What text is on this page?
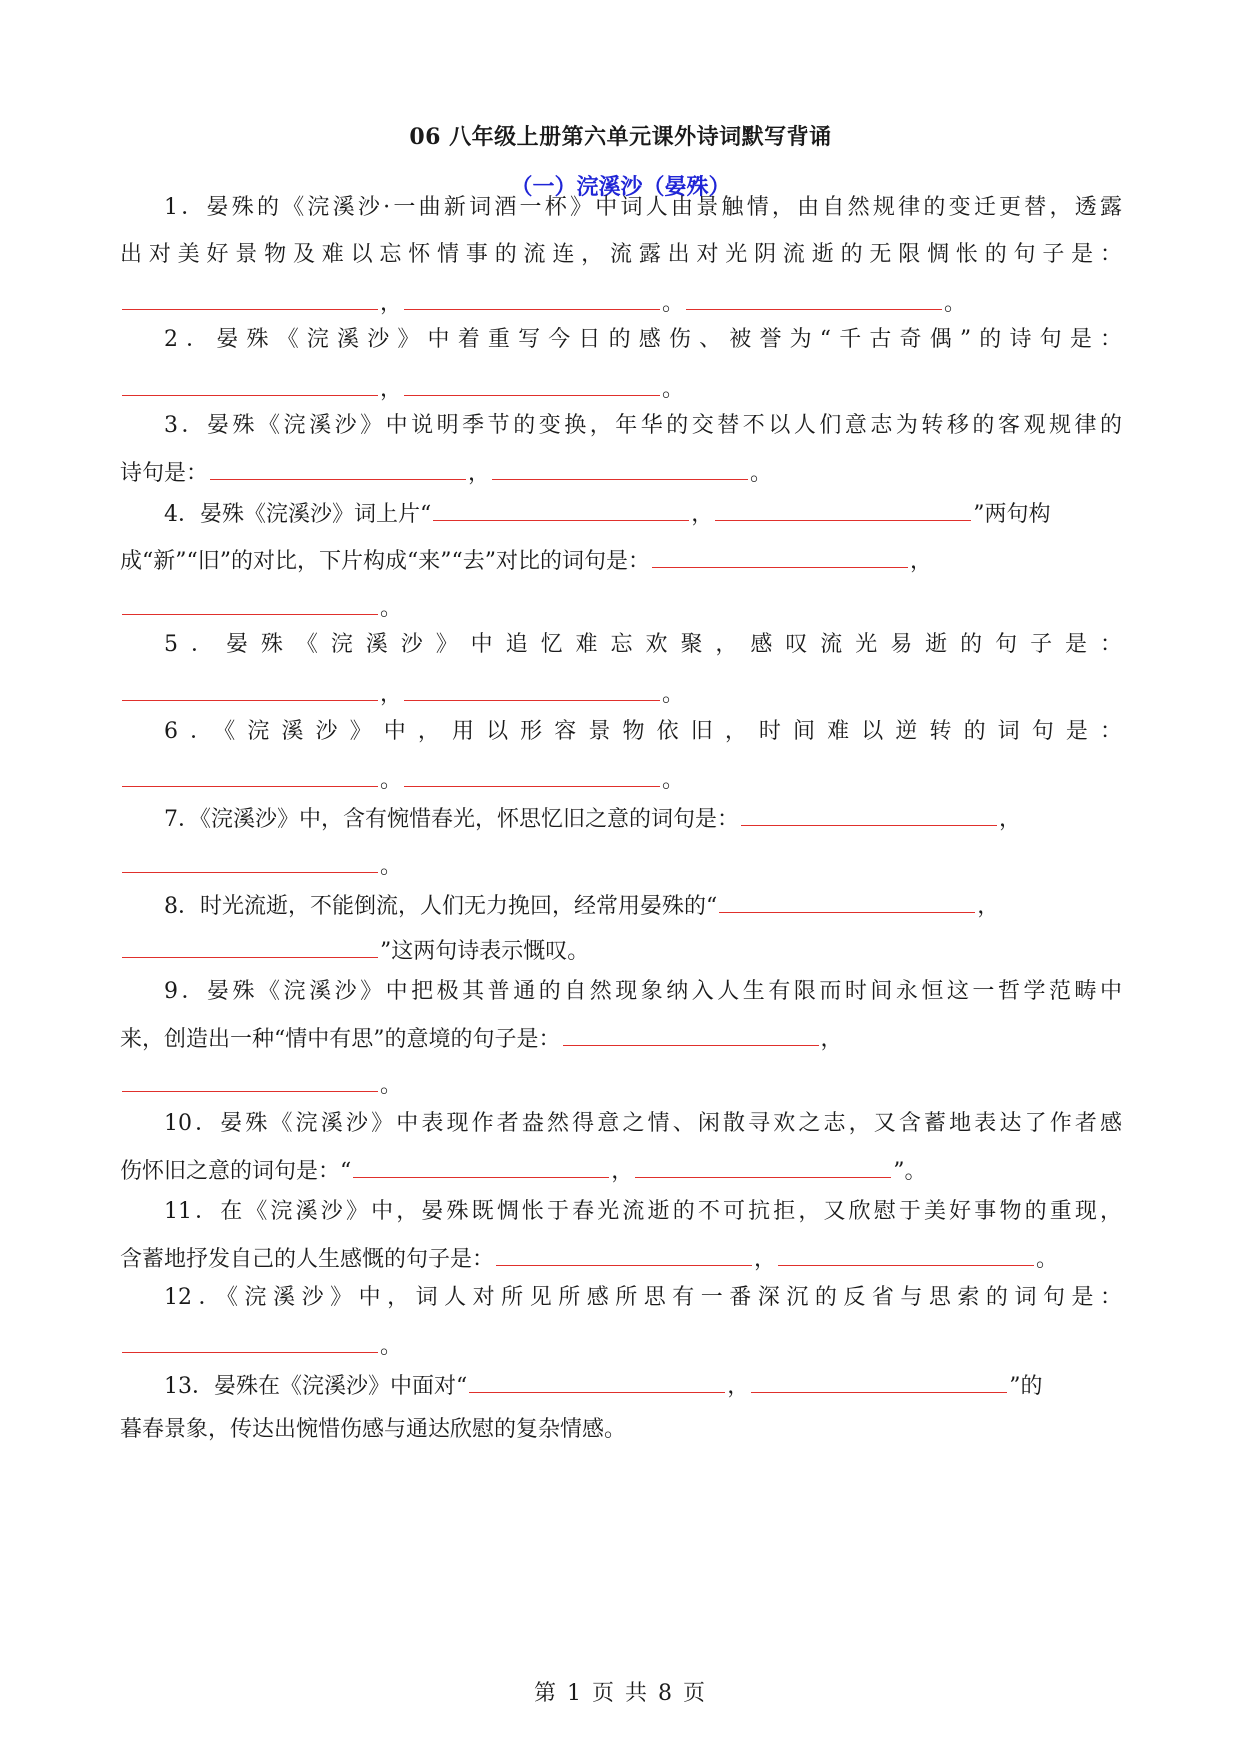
06 八年级上册第六单元课外诗词默写背诵
（一）浣溪沙（晏殊）
1．晏殊的《浣溪沙·一曲新词酒一杯》中词人由景触情，由自然规律的变迁更替，透露
出对美好景物及难以忘怀情事的流连，流露出对光阴流逝的无限惆怅的句子是：
，	。	。
2．晏殊《浣溪沙》中着重写今日的感伤、被誉为“千古奇偶”的诗句是：
，	。
3．晏殊《浣溪沙》中说明季节的变换，年华的交替不以人们意志为转移的客观规律的
诗句是：	，	。
4．晏殊《浣溪沙》词上片“	，	”两句构
成“新”“旧”的对比，下片构成“来”“去”对比的词句是：	，
。
5．晏殊《浣溪沙》中追忆难忘欢聚，感叹流光易逝的句子是：
，	。
6．《浣溪沙》中，用以形容景物依旧，时间难以逆转的词句是：
。	。
7．《浣溪沙》中，含有惋惜春光，怀思忆旧之意的词句是：	，
。
8．时光流逝，不能倒流，人们无力挽回，经常用晏殊的“	，
”这两句诗表示慨叹。
9．晏殊《浣溪沙》中把极其普通的自然现象纳入人生有限而时间永恒这一哲学范畴中
来，创造出一种“情中有思”的意境的句子是：	，
。
10．晏殊《浣溪沙》中表现作者盎然得意之情、闲散寻欢之志，又含蓄地表达了作者感
伤怀旧之意的词句是：“	，	”。
11．在《浣溪沙》中，晏殊既惆怅于春光流逝的不可抗拒，又欣慰于美好事物的重现，
含蓄地抒发自己的人生感慨的句子是：	，	。
12．《浣溪沙》中，词人对所见所感所思有一番深沉的反省与思索的词句是：
。
13．晏殊在《浣溪沙》中面对“	，	”的
暮春景象，传达出惋惜伤感与通达欣慰的复杂情感。
第 1 页 共 8 页
